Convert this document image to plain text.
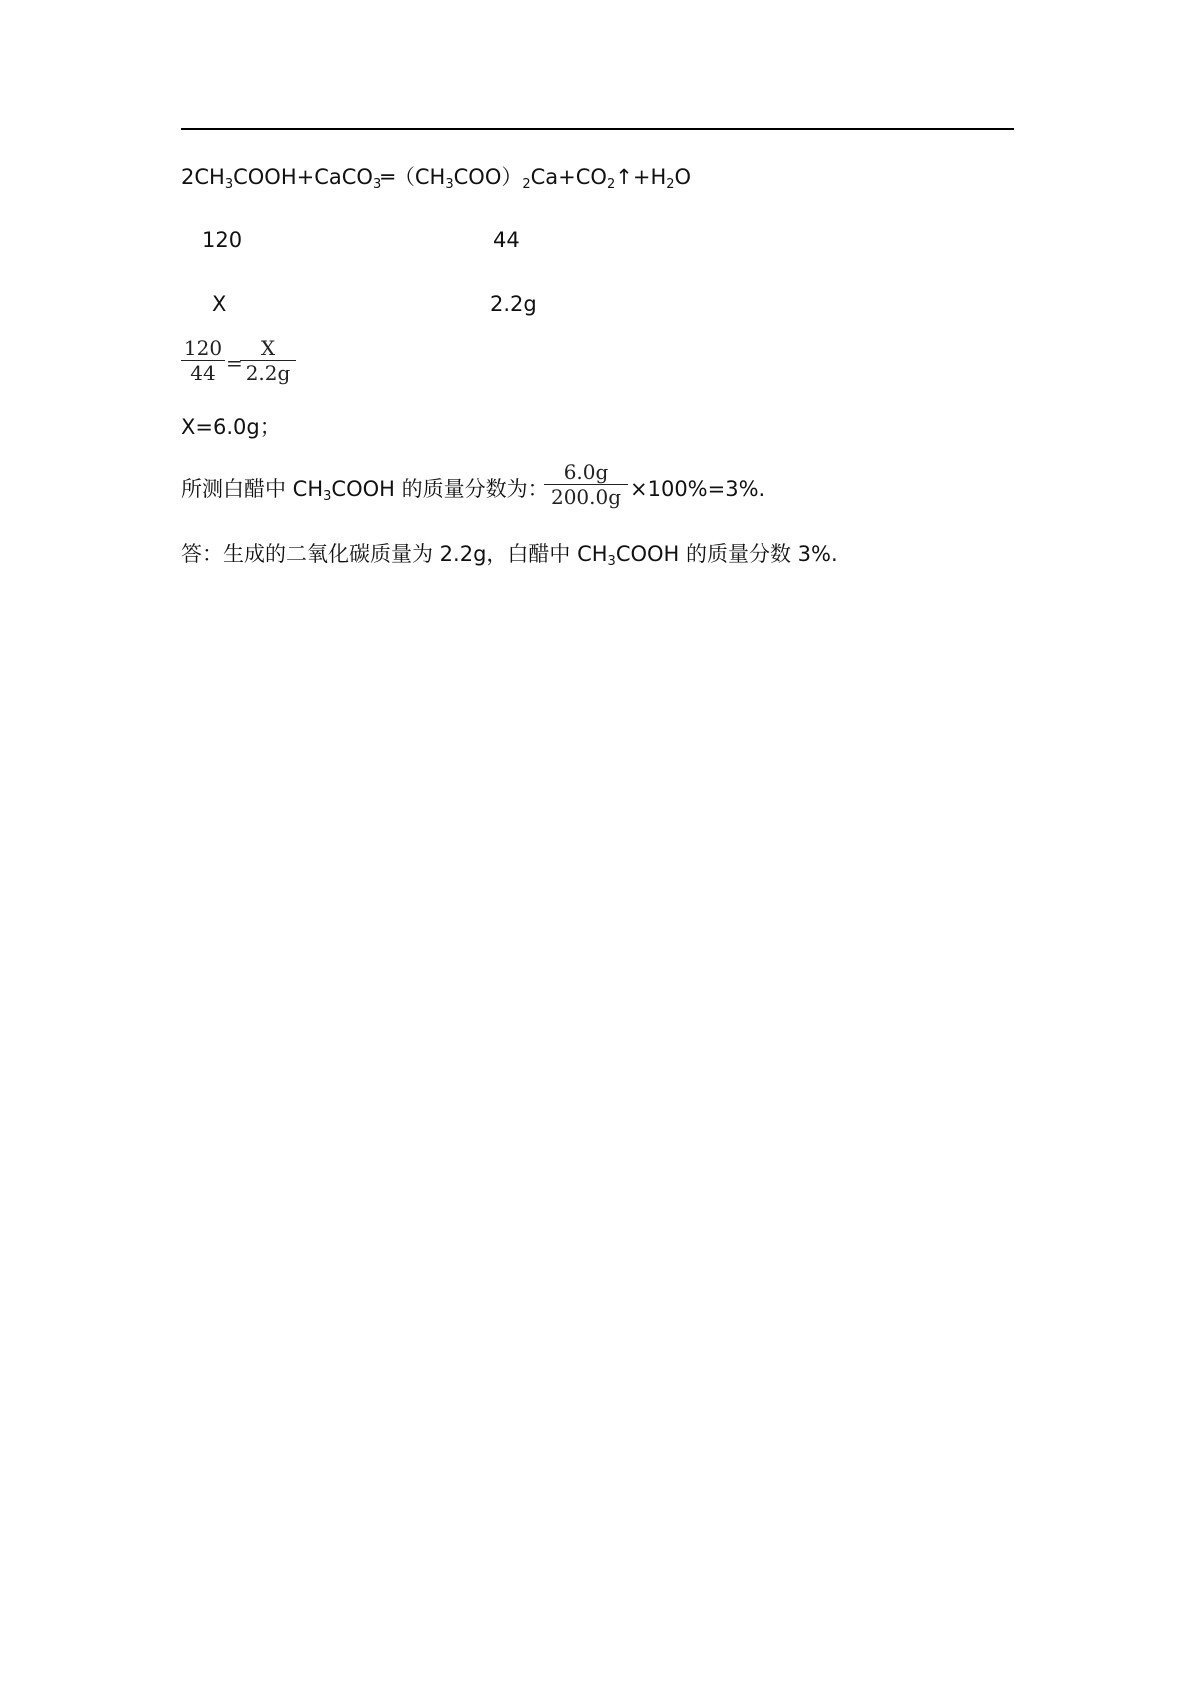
$2CH_3COOH+CaCO_3═(CH_3COO)_2Ca+CO_2↑+H_2O$
120	44
X	2.2g
120
44 =
X
2.2g
X=6.0g；
所测白醋中 $CH_3COOH$ 的质量分数为：
6.0g
200.0g ×100%=3%.
答：生成的二氧化碳质量为 2.2g，白醋中 $CH_3COOH$ 的质量分数 3%.
